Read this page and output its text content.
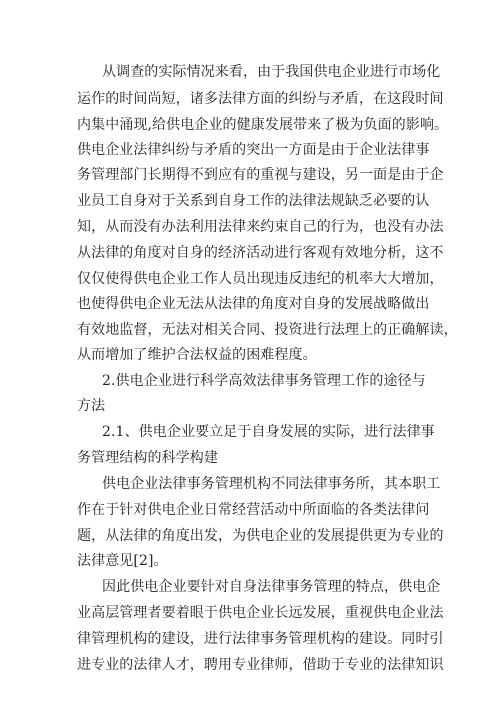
从调查的实际情况来看，由于我国供电企业进行市场化
运作的时间尚短，诸多法律方面的纠纷与矛盾，在这段时间
内集中涌现,给供电企业的健康发展带来了极为负面的影响。
供电企业法律纠纷与矛盾的突出一方面是由于企业法律事
务管理部门长期得不到应有的重视与建设，另一面是由于企
业员工自身对于关系到自身工作的法律法规缺乏必要的认
知，从而没有办法利用法律来约束自己的行为，也没有办法
从法律的角度对自身的经济活动进行客观有效地分析，这不
仅仅使得供电企业工作人员出现违反违纪的机率大大增加，
也使得供电企业无法从法律的角度对自身的发展战略做出
有效地监督，无法对相关合同、投资进行法理上的正确解读，
从而增加了维护合法权益的困难程度。
2.供电企业进行科学高效法律事务管理工作的途径与
方法
2.1、供电企业要立足于自身发展的实际，进行法律事
务管理结构的科学构建
供电企业法律事务管理机构不同法律事务所，其本职工
作在于针对供电企业日常经营活动中所面临的各类法律问
题，从法律的角度出发，为供电企业的发展提供更为专业的
法律意见[2]。
因此供电企业要针对自身法律事务管理的特点，供电企
业高层管理者要着眼于供电企业长远发展，重视供电企业法
律管理机构的建设，进行法律事务管理机构的建设。同时引
进专业的法律人才，聘用专业律师，借助于专业的法律知识
